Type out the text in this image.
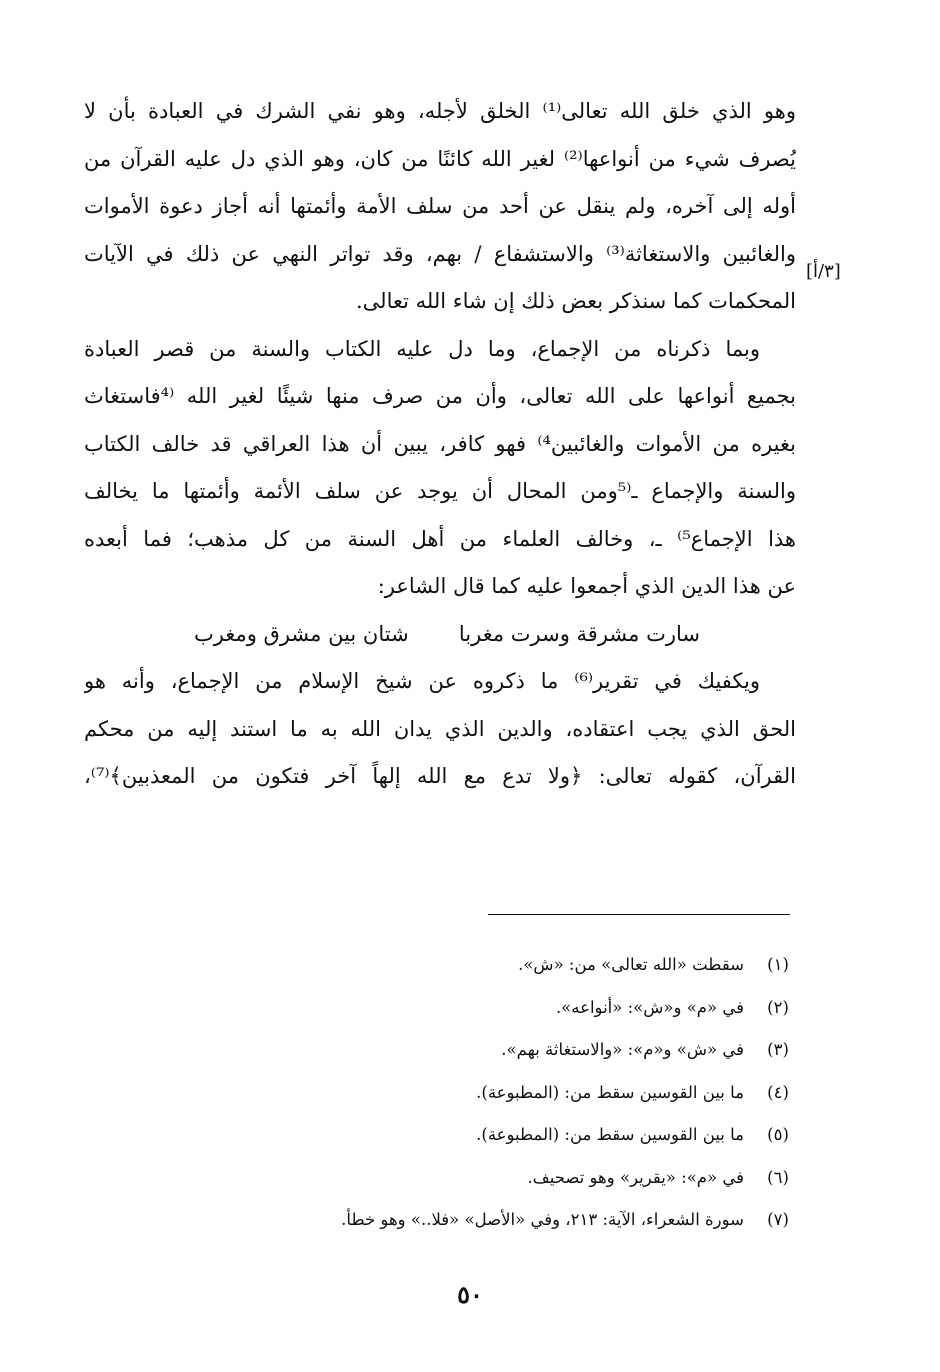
وهو الذي خلق الله تعالى⁽¹⁾ الخلق لأجله، وهو نفي الشرك في العبادة بأن لا
يُصرف شيء من أنواعها⁽²⁾ لغير الله كائنًا من كان، وهو الذي دل عليه القرآن من
أوله إلى آخره، ولم ينقل عن أحد من سلف الأمة وأئمتها أنه أجاز دعوة الأموات
والغائبين والاستغاثة⁽³⁾ والاستشفاع / بهم، وقد تواتر النهي عن ذلك في الآيات
المحكمات كما سنذكر بعض ذلك إن شاء الله تعالى.
وبما ذكرناه من الإجماع، وما دل عليه الكتاب والسنة من قصر العبادة
بجميع أنواعها على الله تعالى، وأن من صرف منها شيئًا لغير الله ⁽⁴فاستغاث
بغيره من الأموات والغائبين⁴⁾ فهو كافر، يبين أن هذا العراقي قد خالف الكتاب
والسنة والإجماع ـ⁽⁵ومن المحال أن يوجد عن سلف الأئمة وأئمتها ما يخالف
هذا الإجماع⁵⁾ ـ، وخالف العلماء من أهل السنة من كل مذهب؛ فما أبعده
عن هذا الدين الذي أجمعوا عليه كما قال الشاعر:
سارت مشرقة وسرت مغربا
شتان بين مشرق ومغرب
ويكفيك في تقرير⁽⁶⁾ ما ذكروه عن شيخ الإسلام من الإجماع، وأنه هو
الحق الذي يجب اعتقاده، والدين الذي يدان الله به ما استند إليه من محكم
القرآن، كقوله تعالى: ﴿ولا تدع مع الله إلهاً آخر فتكون من المعذبين﴾⁽⁷⁾،
[٣/أ]
(١)
سقطت «الله تعالى» من: «ش».
(٢)
في «م» و«ش»: «أنواعه».
(٣)
في «ش» و«م»: «والاستغاثة بهم».
(٤)
ما بين القوسين سقط من: (المطبوعة).
(٥)
ما بين القوسين سقط من: (المطبوعة).
(٦)
في «م»: «يقرير» وهو تصحيف.
(٧)
سورة الشعراء، الآية: ٢١٣، وفي «الأصل» «فلا..» وهو خطأ.
٥٠
